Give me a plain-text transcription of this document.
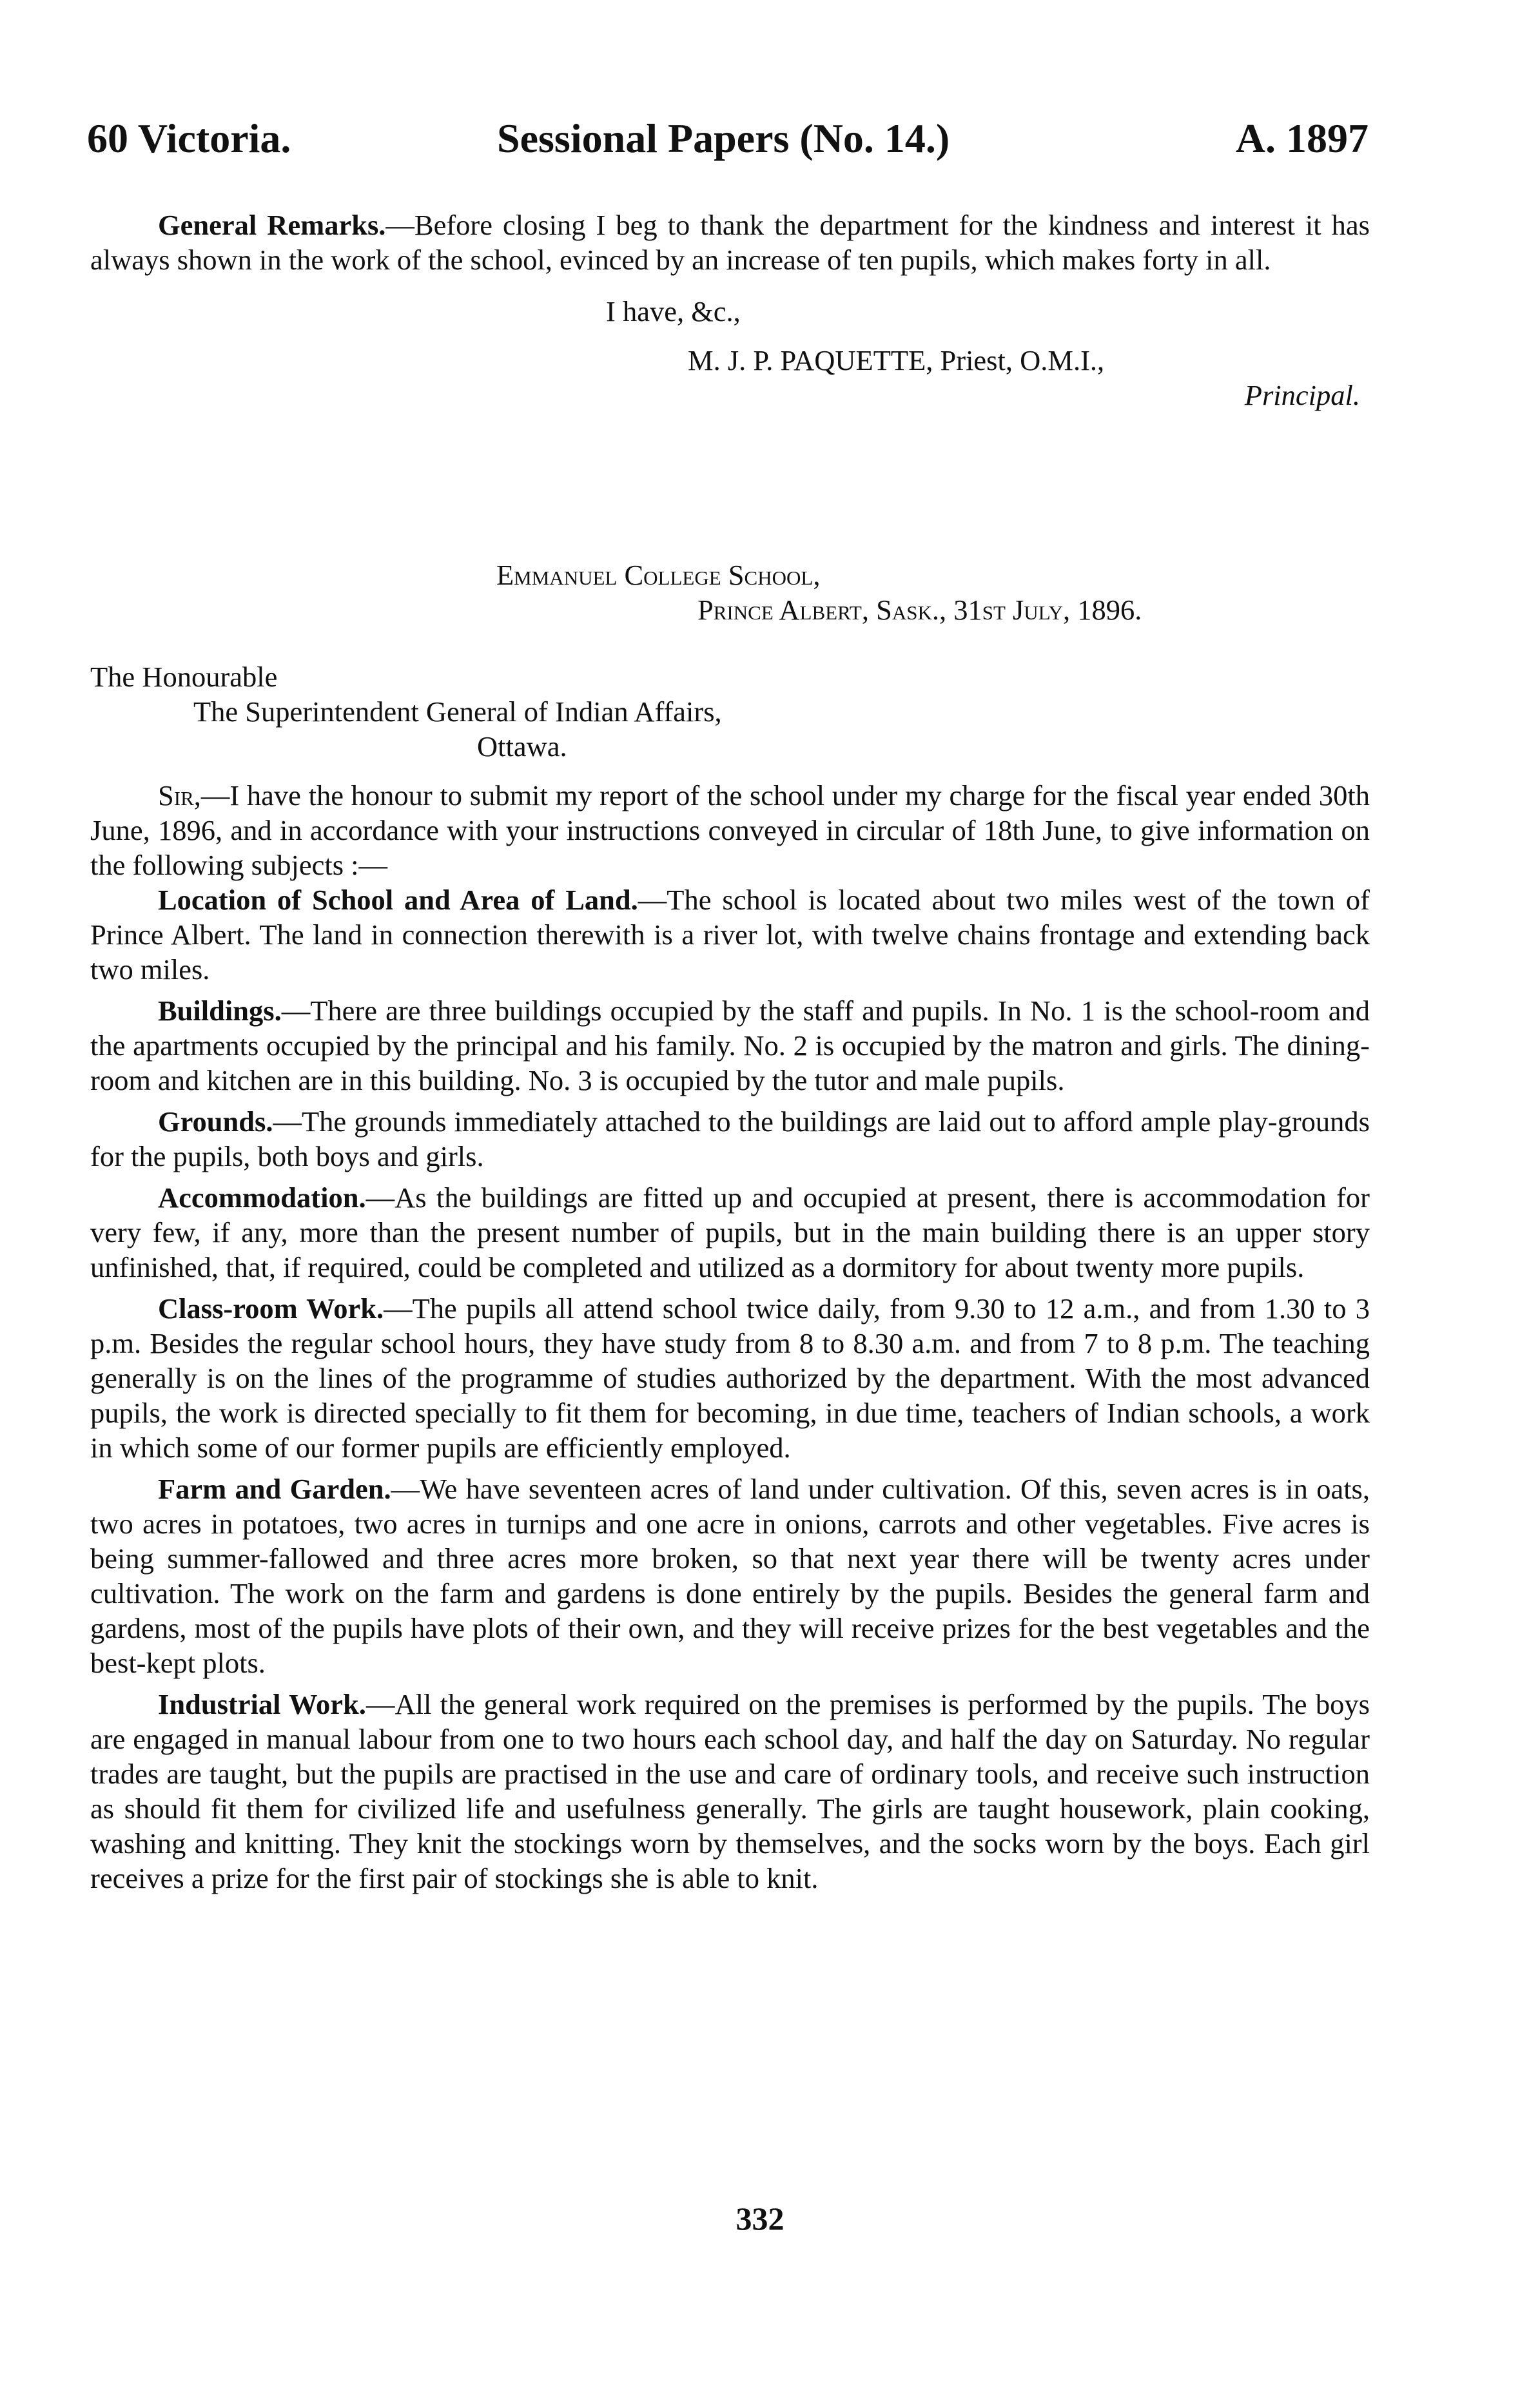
60 Victoria.	Sessional Papers (No. 14.)	A. 1897

General Remarks.—Before closing I beg to thank the department for the kindness and interest it has always shown in the work of the school, evinced by an increase of ten pupils, which makes forty in all.

I have, &c.,
M. J. P. PAQUETTE, Priest, O.M.I.,
Principal.
Emmanuel College School,
Prince Albert, Sask., 31st July, 1896.
The Honourable
The Superintendent General of Indian Affairs,
Ottawa.

Sir,—I have the honour to submit my report of the school under my charge for the fiscal year ended 30th June, 1896, and in accordance with your instructions conveyed in circular of 18th June, to give information on the following subjects :—

Location of School and Area of Land.—The school is located about two miles west of the town of Prince Albert. The land in connection therewith is a river lot, with twelve chains frontage and extending back two miles.

Buildings.—There are three buildings occupied by the staff and pupils. In No. 1 is the school-room and the apartments occupied by the principal and his family. No. 2 is occupied by the matron and girls. The dining-room and kitchen are in this building. No. 3 is occupied by the tutor and male pupils.

Grounds.—The grounds immediately attached to the buildings are laid out to afford ample play-grounds for the pupils, both boys and girls.

Accommodation.—As the buildings are fitted up and occupied at present, there is accommodation for very few, if any, more than the present number of pupils, but in the main building there is an upper story unfinished, that, if required, could be completed and utilized as a dormitory for about twenty more pupils.

Class-room Work.—The pupils all attend school twice daily, from 9.30 to 12 a.m., and from 1.30 to 3 p.m. Besides the regular school hours, they have study from 8 to 8.30 a.m. and from 7 to 8 p.m. The teaching generally is on the lines of the programme of studies authorized by the department. With the most advanced pupils, the work is directed specially to fit them for becoming, in due time, teachers of Indian schools, a work in which some of our former pupils are efficiently employed.

Farm and Garden.—We have seventeen acres of land under cultivation. Of this, seven acres is in oats, two acres in potatoes, two acres in turnips and one acre in onions, carrots and other vegetables. Five acres is being summer-fallowed and three acres more broken, so that next year there will be twenty acres under cultivation. The work on the farm and gardens is done entirely by the pupils. Besides the general farm and gardens, most of the pupils have plots of their own, and they will receive prizes for the best vegetables and the best-kept plots.

Industrial Work.—All the general work required on the premises is performed by the pupils. The boys are engaged in manual labour from one to two hours each school day, and half the day on Saturday. No regular trades are taught, but the pupils are practised in the use and care of ordinary tools, and receive such instruction as should fit them for civilized life and usefulness generally. The girls are taught housework, plain cooking, washing and knitting. They knit the stockings worn by themselves, and the socks worn by the boys. Each girl receives a prize for the first pair of stockings she is able to knit.

332
